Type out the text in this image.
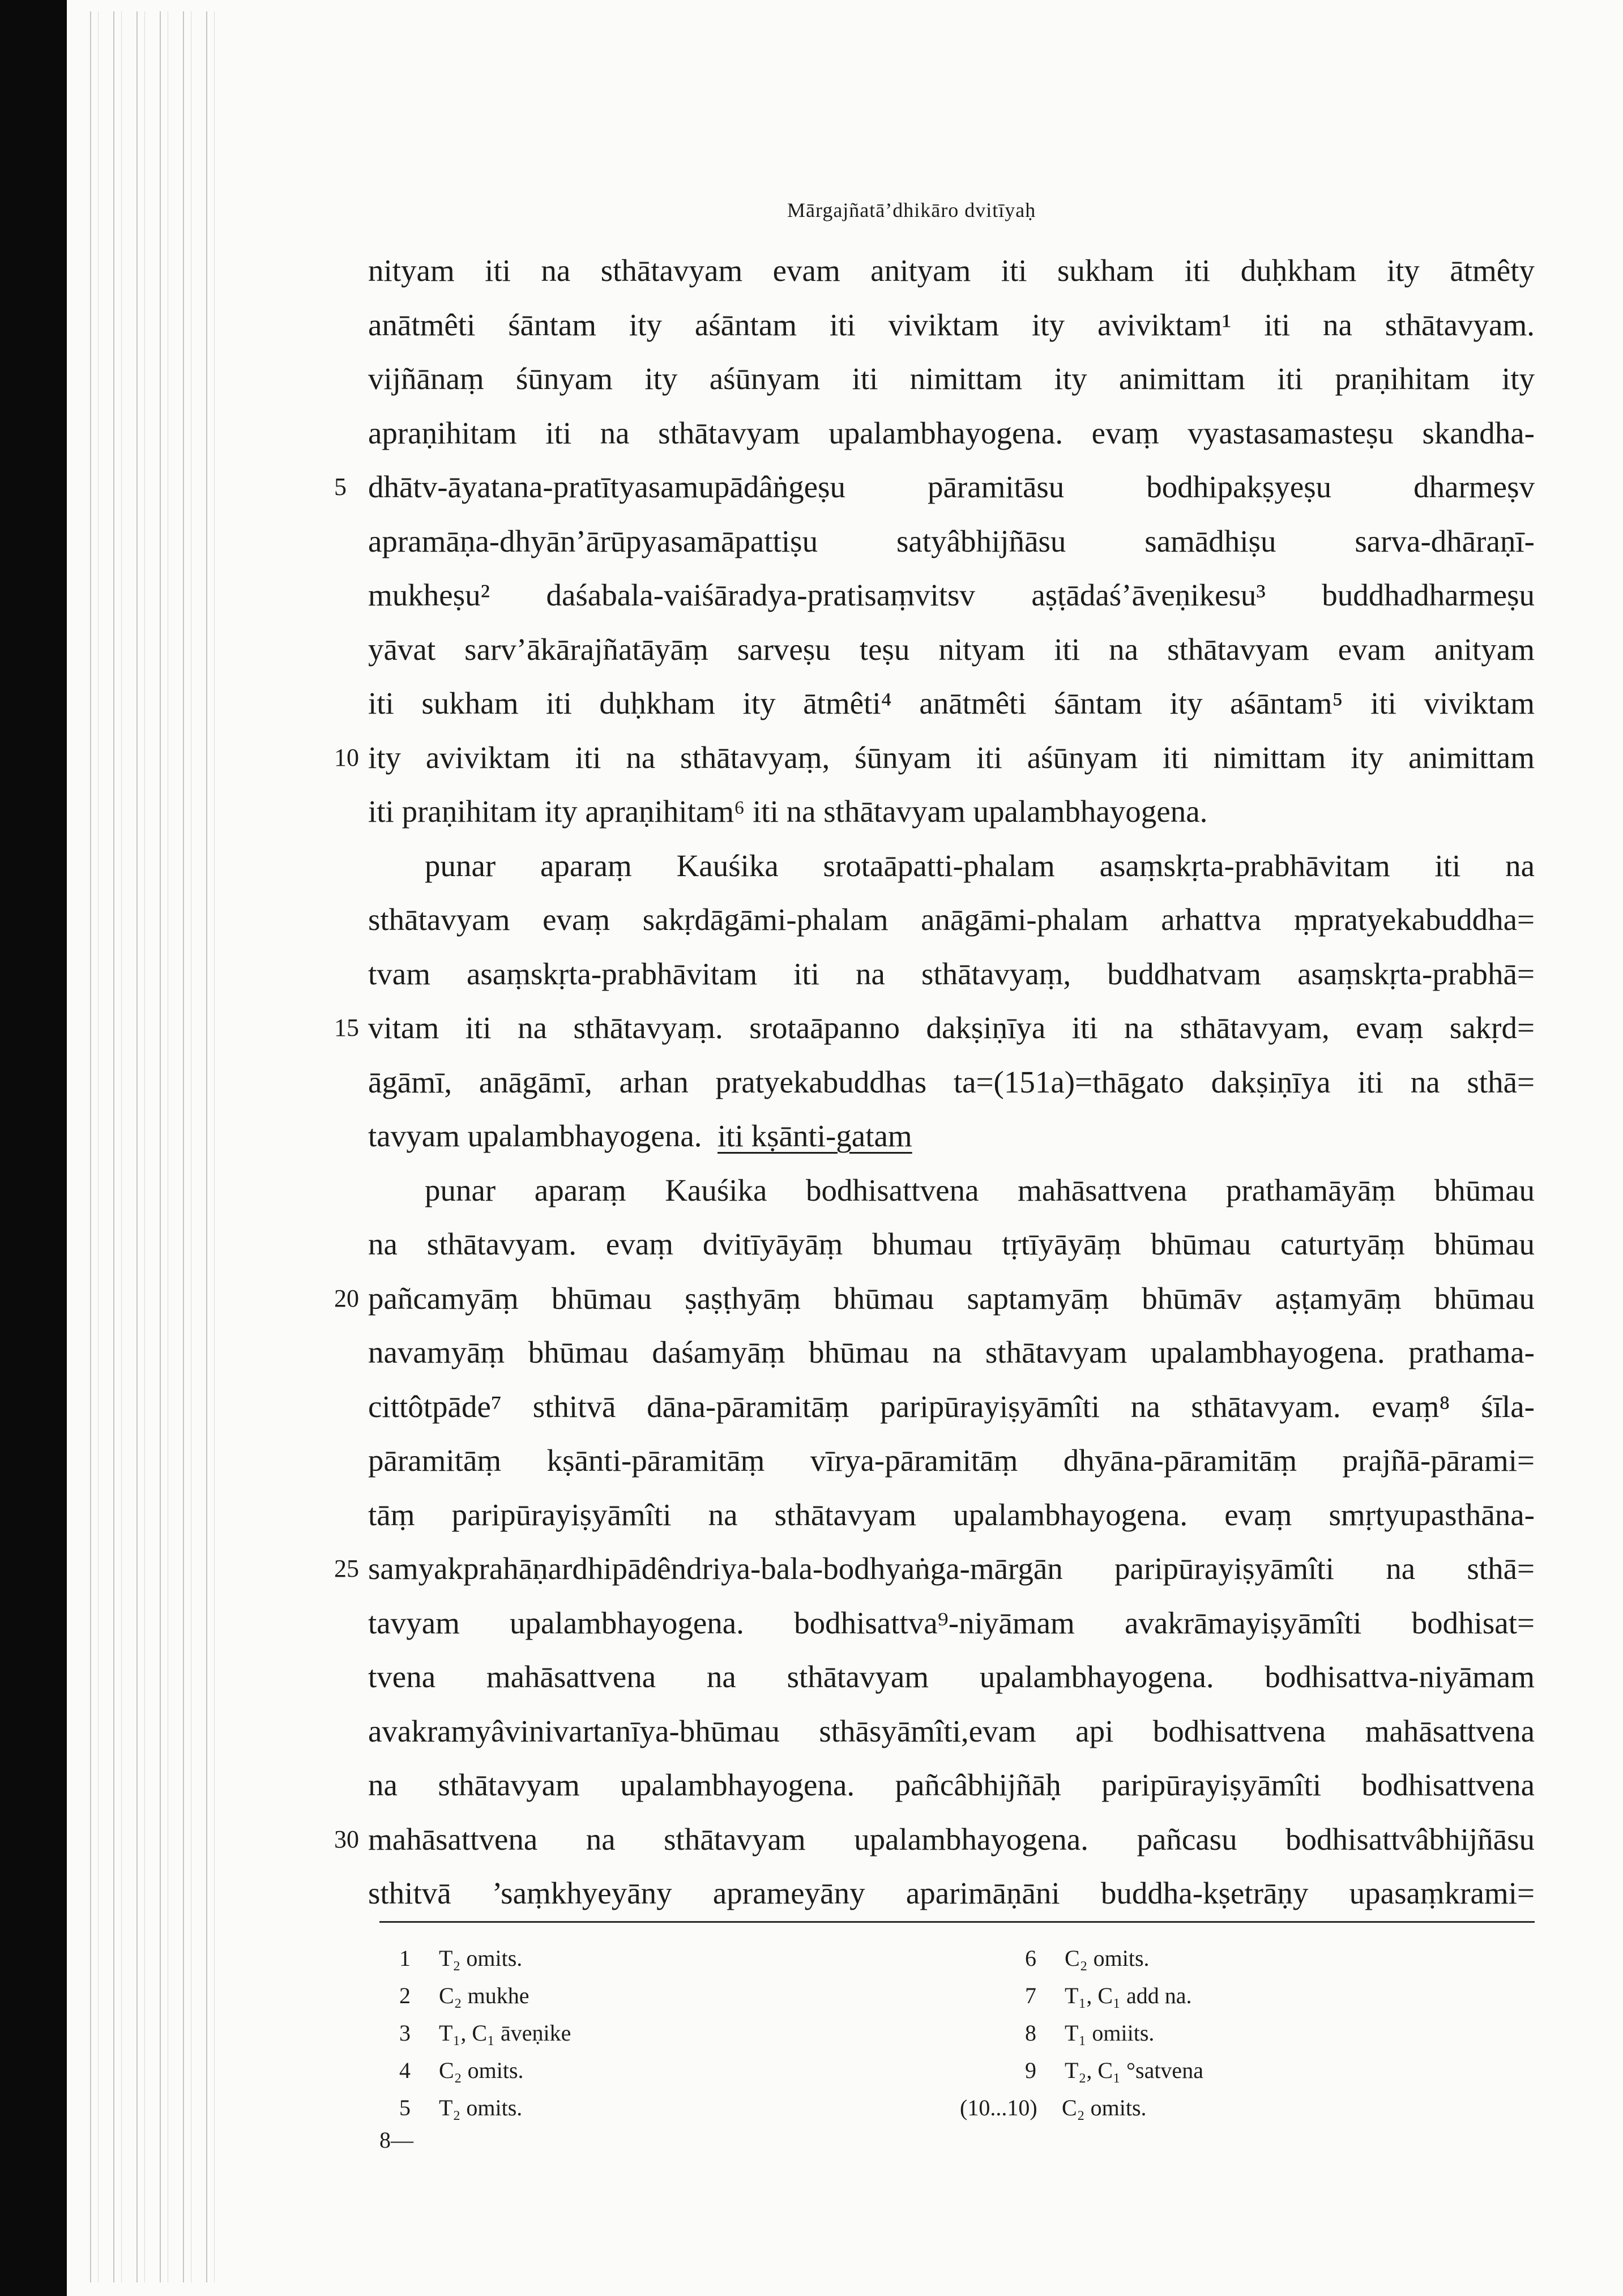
Mārgajñatā’dhikāro dvitīyaḥ
nityam iti na sthātavyam evam anityam iti sukham iti duḥkham ity ātmêty
anātmêti śāntam ity aśāntam iti viviktam ity aviviktam¹ iti na sthātavyam.
vijñānaṃ śūnyam ity aśūnyam iti nimittam ity animittam iti praṇihitam ity
apraṇihitam iti na sthātavyam upalambhayogena. evaṃ vyastasamasteṣu skandha-
5 dhātv-āyatana-pratītyasamupādâṅgeṣu pāramitāsu bodhipakṣyeṣu dharmeṣv
apramāṇa-dhyān’ārūpyasamāpattiṣu satyâbhijñāsu samādhiṣu sarva-dhāraṇī-
mukheṣu² daśabala-vaiśāradya-pratisaṃvitsv aṣṭādaś’āveṇikesu³ buddhadharmeṣu
yāvat sarv’ākārajñatāyāṃ sarveṣu teṣu nityam iti na sthātavyam evam anityam
iti sukham iti duḥkham ity ātmêti⁴ anātmêti śāntam ity aśāntam⁵ iti viviktam
10 ity aviviktam iti na sthātavyaṃ, śūnyam iti aśūnyam iti nimittam ity animittam
iti praṇihitam ity apraṇihitam⁶ iti na sthātavyam upalambhayogena.
punar aparaṃ Kauśika srotaāpatti-phalam asaṃskṛta-prabhāvitam iti na
sthātavyam evaṃ sakṛdāgāmi-phalam anāgāmi-phalam arhattva ṃpratyekabuddha=
tvam asaṃskṛta-prabhāvitam iti na sthātavyaṃ, buddhatvam asaṃskṛta-prabhā=
15 vitam iti na sthātavyaṃ. srotaāpanno dakṣiṇīya iti na sthātavyam, evaṃ sakṛd=
āgāmī, anāgāmī, arhan pratyekabuddhas ta=(151a)=thāgato dakṣiṇīya iti na sthā=
tavyam upalambhayogena. iti kṣānti-gatam
punar aparaṃ Kauśika bodhisattvena mahāsattvena prathamāyāṃ bhūmau
na sthātavyam. evaṃ dvitīyāyāṃ bhumau tṛtīyāyāṃ bhūmau caturtyāṃ bhūmau
20 pañcamyāṃ bhūmau ṣaṣṭhyāṃ bhūmau saptamyāṃ bhūmāv aṣṭamyāṃ bhūmau
navamyāṃ bhūmau daśamyāṃ bhūmau na sthātavyam upalambhayogena. prathama-
cittôtpāde⁷ sthitvā dāna-pāramitāṃ paripūrayiṣyāmîti na sthātavyam. evaṃ⁸ śīla-
pāramitāṃ kṣānti-pāramitāṃ vīrya-pāramitāṃ dhyāna-pāramitāṃ prajñā-pārami=
tāṃ paripūrayiṣyāmîti na sthātavyam upalambhayogena. evaṃ smṛtyupasthāna-
25 samyakprahāṇardhipādêndriya-bala-bodhyaṅga-mārgān paripūrayiṣyāmîti na sthā=
tavyam upalambhayogena. bodhisattva⁹-niyāmam avakrāmayiṣyāmîti bodhisat=
tvena mahāsattvena na sthātavyam upalambhayogena. bodhisattva-niyāmam
avakramyâvinivartanīya-bhūmau sthāsyāmîti,evam api bodhisattvena mahāsattvena
na sthātavyam upalambhayogena. pañcâbhijñāḥ paripūrayiṣyāmîti bodhisattvena
30 mahāsattvena na sthātavyam upalambhayogena. pañcasu bodhisattvâbhijñāsu
sthitvā ’saṃkhyeyāny aprameyāny aparimāṇāni buddha-kṣetrāṇy upasaṃkrami=
1 T₂ omits.
2 C₂ mukhe
3 T₁, C₁ āveṇike
4 C₂ omits.
5 T₂ omits.
6 C₂ omits.
7 T₁, C₁ add na.
8 T₁ omiits.
9 T₂, C₁ °satvena
(10...10) C₂ omits.
8—
